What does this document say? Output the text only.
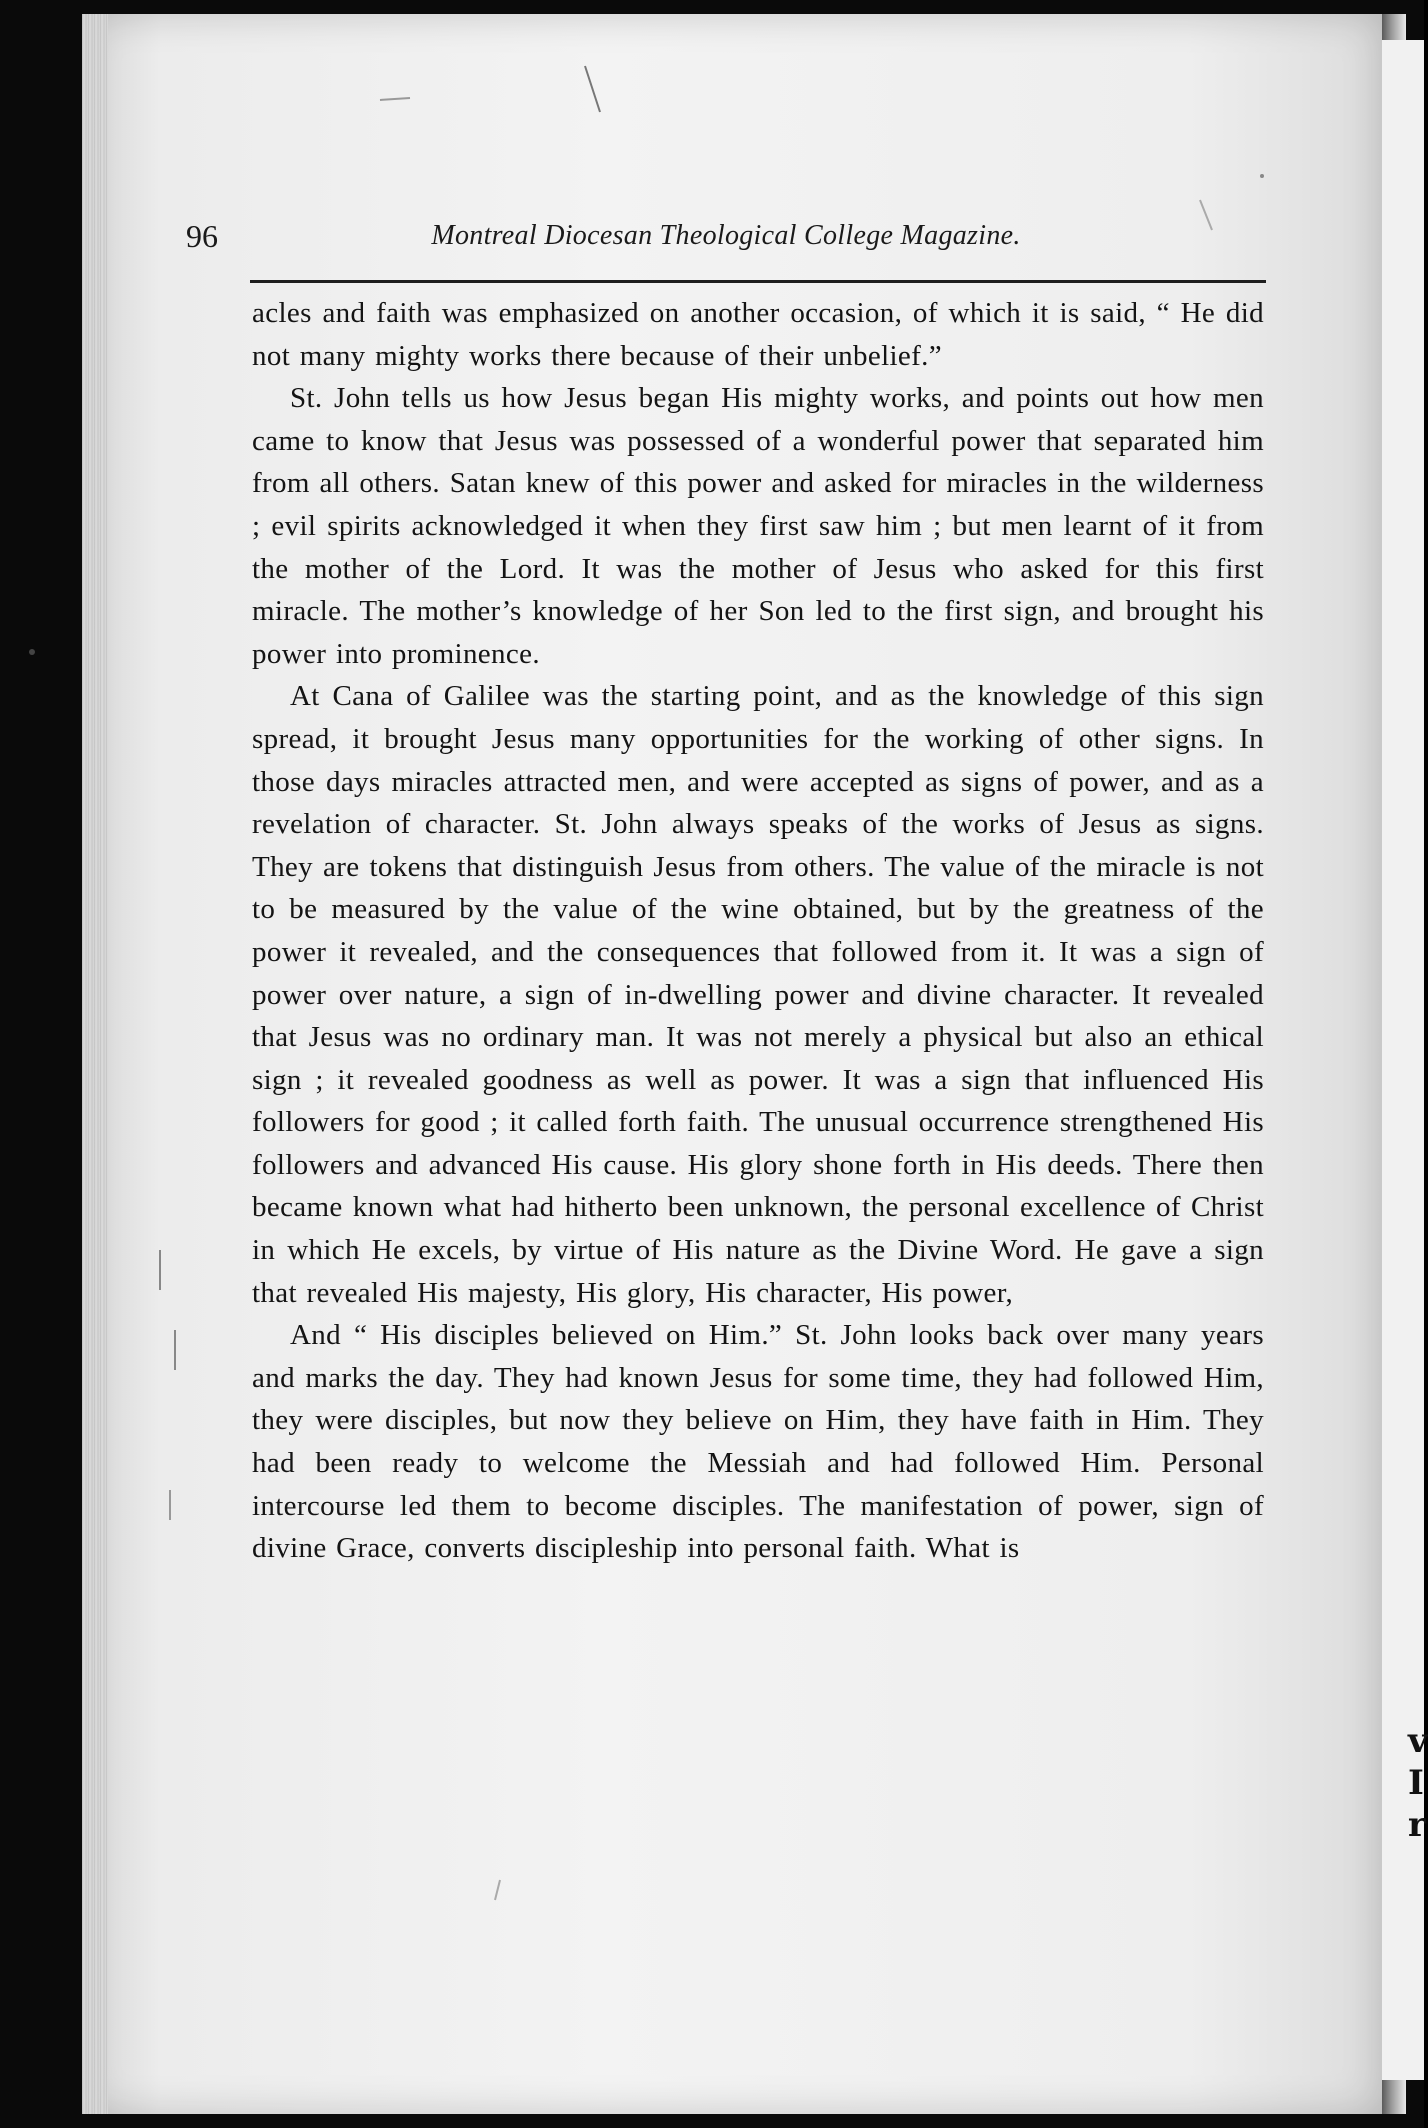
v
I
r
96	Montreal Diocesan Theological College Magazine.

acles and faith was emphasized on another occasion, of which it is said, “ He did not many mighty works there because of their unbelief.”

St. John tells us how Jesus began His mighty works, and points out how men came to know that Jesus was possessed of a wonderful power that separated him from all others. Satan knew of this power and asked for miracles in the wilderness ; evil spirits acknowledged it when they first saw him ; but men learnt of it from the mother of the Lord. It was the mother of Jesus who asked for this first miracle. The mother’s knowledge of her Son led to the first sign, and brought his power into prominence.

At Cana of Galilee was the starting point, and as the knowledge of this sign spread, it brought Jesus many opportunities for the working of other signs. In those days miracles attracted men, and were accepted as signs of power, and as a revelation of character. St. John always speaks of the works of Jesus as signs. They are tokens that distinguish Jesus from others. The value of the miracle is not to be measured by the value of the wine obtained, but by the greatness of the power it revealed, and the consequences that followed from it. It was a sign of power over nature, a sign of in-dwelling power and divine character. It revealed that Jesus was no ordinary man. It was not merely a physical but also an ethical sign ; it revealed goodness as well as power. It was a sign that influenced His followers for good ; it called forth faith. The unusual occurrence strengthened His followers and advanced His cause. His glory shone forth in His deeds. There then became known what had hitherto been unknown, the personal excellence of Christ in which He excels, by virtue of His nature as the Divine Word. He gave a sign that revealed His majesty, His glory, His character, His power,

And “ His disciples believed on Him.” St. John looks back over many years and marks the day. They had known Jesus for some time, they had followed Him, they were disciples, but now they believe on Him, they have faith in Him. They had been ready to welcome the Messiah and had followed Him. Personal intercourse led them to become disciples. The manifestation of power, sign of divine Grace, converts discipleship into personal faith. What is
